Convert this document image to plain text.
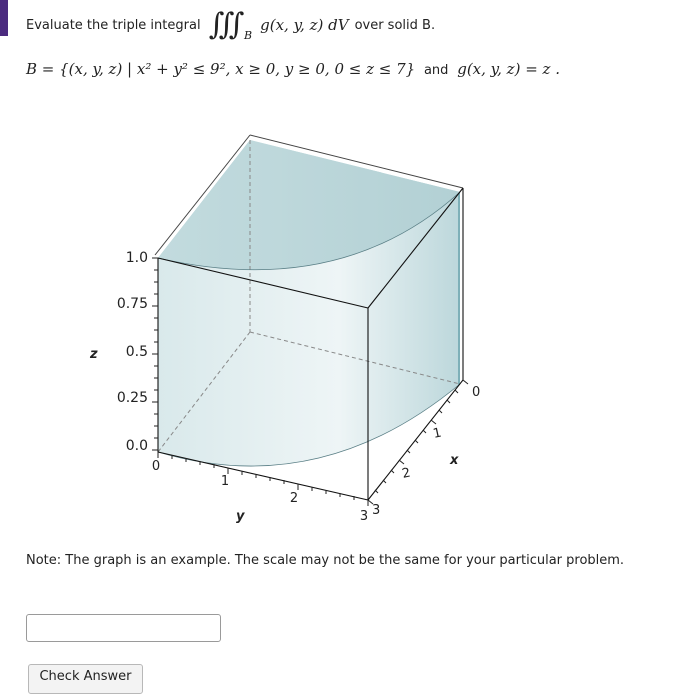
Evaluate the triple integral ∭ B
g(x, y, z) dV over solid B.
B = {(x, y, z) | x² + y² ≤ 9², x ≥ 0, y ≥ 0, 0 ≤ z ≤ 7} and g(x, y, z) = z .
1.0
0.75
0.5
0.25
0.0
z
0
1
2
3
y
0
1
2
3
x
Note: The graph is an example. The scale may not be the same for your particular problem.
Check Answer
